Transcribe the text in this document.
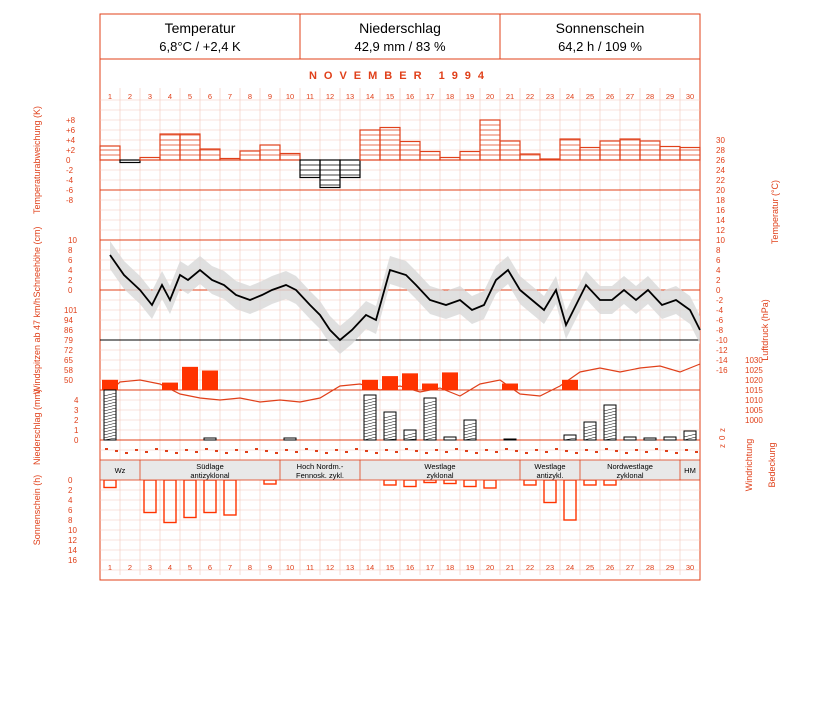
Temperatur
6,8°C / +2,4 K
Niederschlag
42,9 mm / 83 %
Sonnenschein
64,2 h / 109 %
NOVEMBER 1994
1
1
2
2
3
3
4
4
5
5
6
6
7
7
8
8
9
9
10
10
11
11
12
12
13
13
14
14
15
15
16
16
17
17
18
18
19
19
20
20
21
21
22
22
23
23
24
24
25
25
26
26
27
27
28
28
29
29
30
30
+8
+6
+4
+2
0
-2
-4
-6
-8
10
8
6
4
2
0
101
94
86
79
72
65
58
50
4
3
2
1
0
0
2
4
6
8
10
12
14
16
30
28
26
24
22
20
18
16
14
12
10
8
6
4
2
0
-2
-4
-6
-8
-10
-12
-14
-16
1030
1025
1020
1015
1010
1005
1000
z
0
z
Temperaturabweichung (K)
Schneehöhe (cm)
Windspitzen ab 47 km/h
Niederschlag (mm)
Sonnenschein (h)
Temperatur (°C)
Luftdruck (hPa)
Windrichtung Bedeckung
Wz	Südlage
antizyklonal
Hoch Nordm.-
Fennosk. zykl.
Westlage
zyklonal
Westlage
antizykl.
Nordwestlage
zyklonal
HM
